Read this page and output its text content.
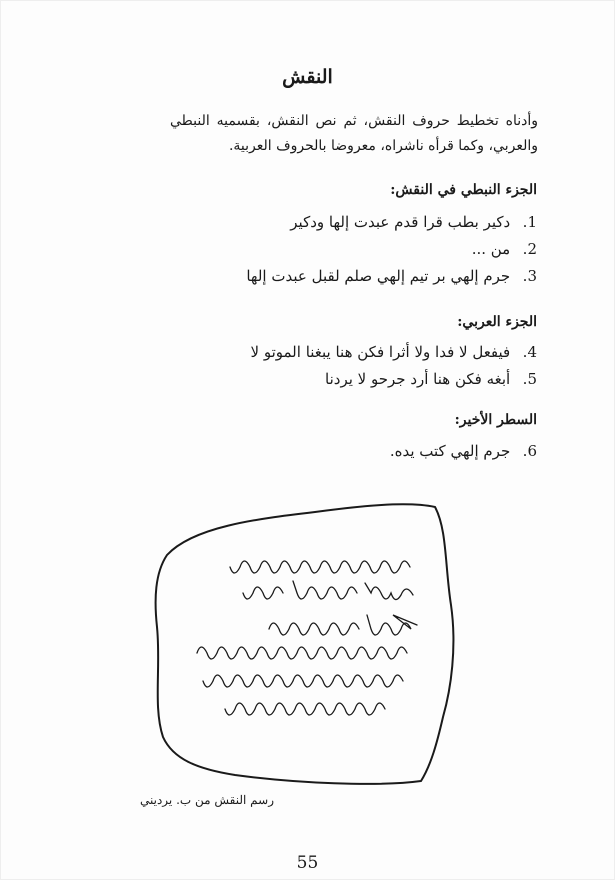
النقش
وأدناه تخطيط حروف النقش، ثم نص النقش، بقسميه النبطي والعربي، وكما قرأه ناشراه، معروضا بالحروف العربية.
الجزء النبطي في النقش:
1. دكير بطب قرا قدم عبدت إلها ودكير
2. من ...
3. جرم إلهي بر تيم إلهي صلم لقبل عبدت إلها
الجزء العربي:
4. فيفعل لا فدا ولا أثرا فكن هنا يبغنا الموتو لا
5. أبغه فكن هنا أرد جرحو لا يردنا
السطر الأخير:
6. جرم إلهي كتب يده.
رسم النقش من ب. يرديني
55
